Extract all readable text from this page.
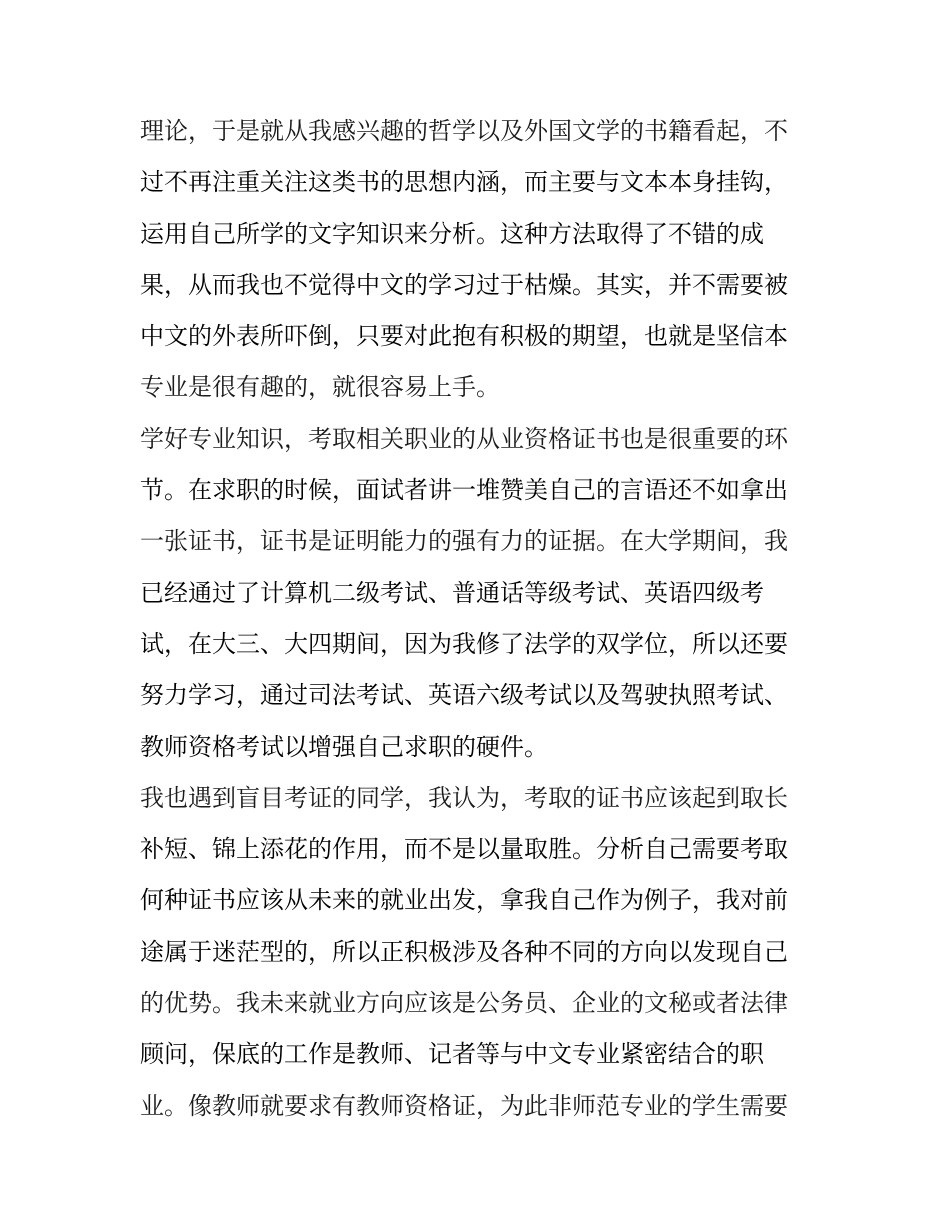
理论，于是就从我感兴趣的哲学以及外国文学的书籍看起，不
过不再注重关注这类书的思想内涵，而主要与文本本身挂钩，
运用自己所学的文字知识来分析。这种方法取得了不错的成
果，从而我也不觉得中文的学习过于枯燥。其实，并不需要被
中文的外表所吓倒，只要对此抱有积极的期望，也就是坚信本
专业是很有趣的，就很容易上手。
学好专业知识，考取相关职业的从业资格证书也是很重要的环
节。在求职的时候，面试者讲一堆赞美自己的言语还不如拿出
一张证书，证书是证明能力的强有力的证据。在大学期间，我
已经通过了计算机二级考试、普通话等级考试、英语四级考
试，在大三、大四期间，因为我修了法学的双学位，所以还要
努力学习，通过司法考试、英语六级考试以及驾驶执照考试、
教师资格考试以增强自己求职的硬件。
我也遇到盲目考证的同学，我认为，考取的证书应该起到取长
补短、锦上添花的作用，而不是以量取胜。分析自己需要考取
何种证书应该从未来的就业出发，拿我自己作为例子，我对前
途属于迷茫型的，所以正积极涉及各种不同的方向以发现自己
的优势。我未来就业方向应该是公务员、企业的文秘或者法律
顾问，保底的工作是教师、记者等与中文专业紧密结合的职
业。像教师就要求有教师资格证，为此非师范专业的学生需要
